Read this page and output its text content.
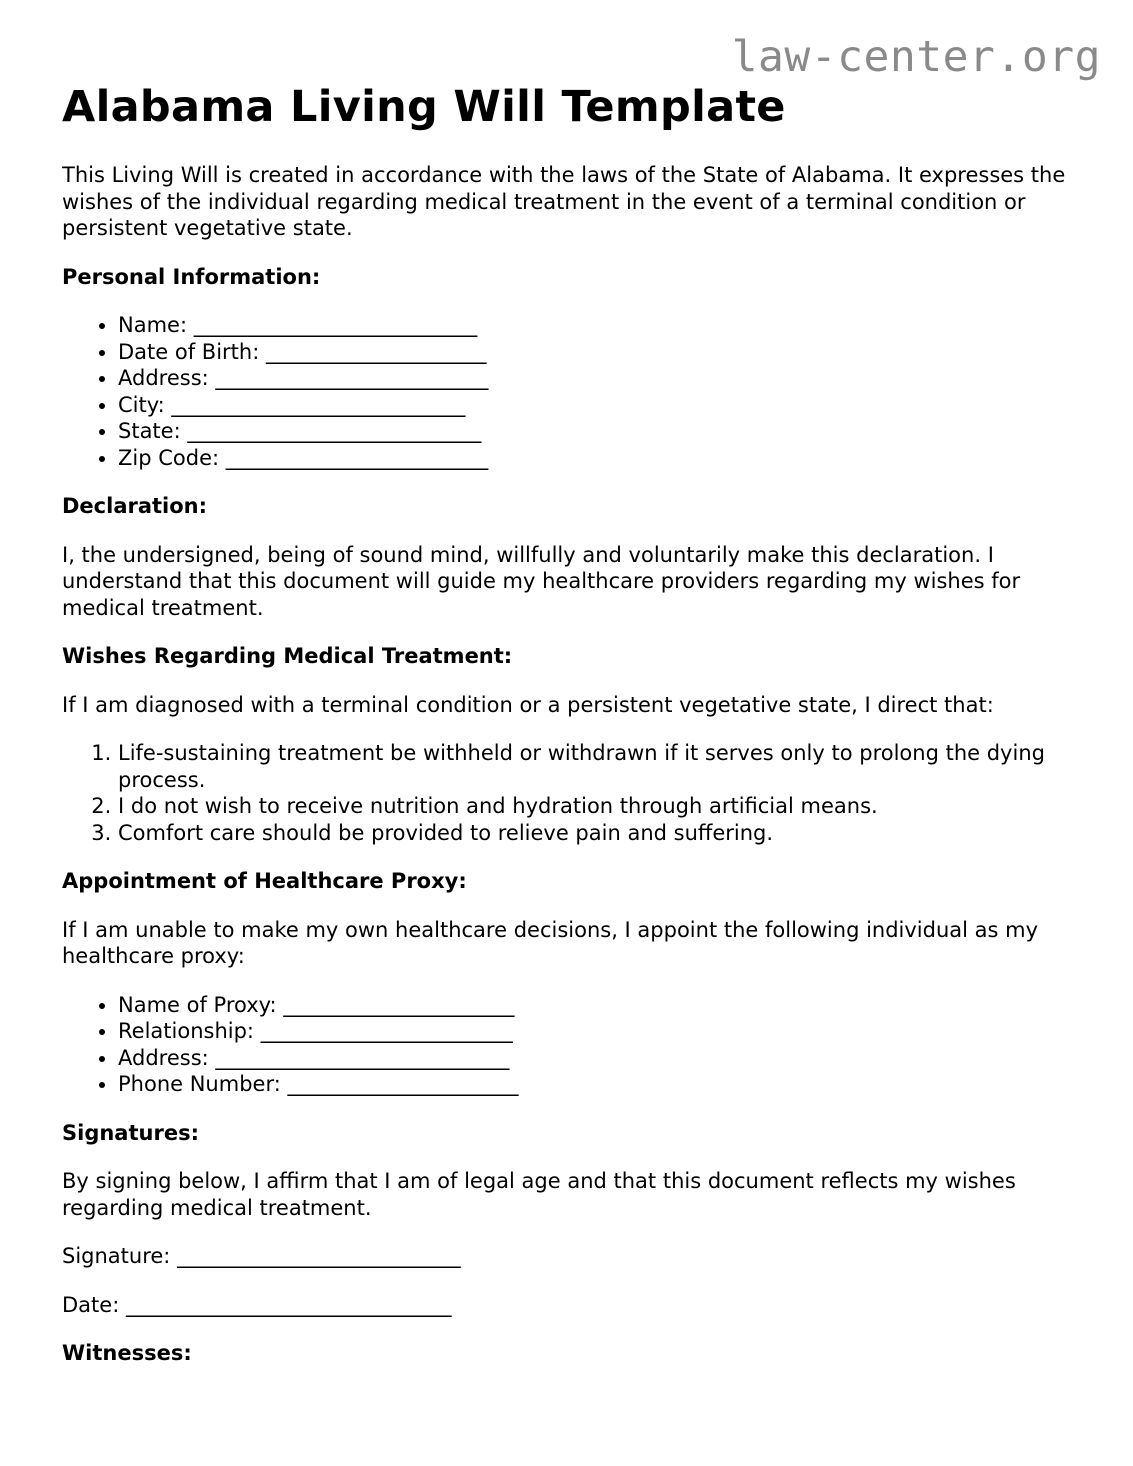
law-center.org
Alabama Living Will Template

This Living Will is created in accordance with the laws of the State of Alabama. It expresses the wishes of the individual regarding medical treatment in the event of a terminal condition or persistent vegetative state.

Personal Information:
• Name: ___________________________
• Date of Birth: _____________________
• Address: __________________________
• City: ____________________________
• State: ____________________________
• Zip Code: _________________________
Declaration:

I, the undersigned, being of sound mind, willfully and voluntarily make this declaration. I understand that this document will guide my healthcare providers regarding my wishes for medical treatment.

Wishes Regarding Medical Treatment:

If I am diagnosed with a terminal condition or a persistent vegetative state, I direct that:

1. Life-sustaining treatment be withheld or withdrawn if it serves only to prolong the dying process.
2. I do not wish to receive nutrition and hydration through artificial means.
3. Comfort care should be provided to relieve pain and suffering.
Appointment of Healthcare Proxy:

If I am unable to make my own healthcare decisions, I appoint the following individual as my healthcare proxy:

• Name of Proxy: ______________________
• Relationship: ________________________
• Address: ____________________________
• Phone Number: ______________________
Signatures:

By signing below, I affirm that I am of legal age and that this document reflects my wishes regarding medical treatment.

Signature: ___________________________

Date: _______________________________

Witnesses:
